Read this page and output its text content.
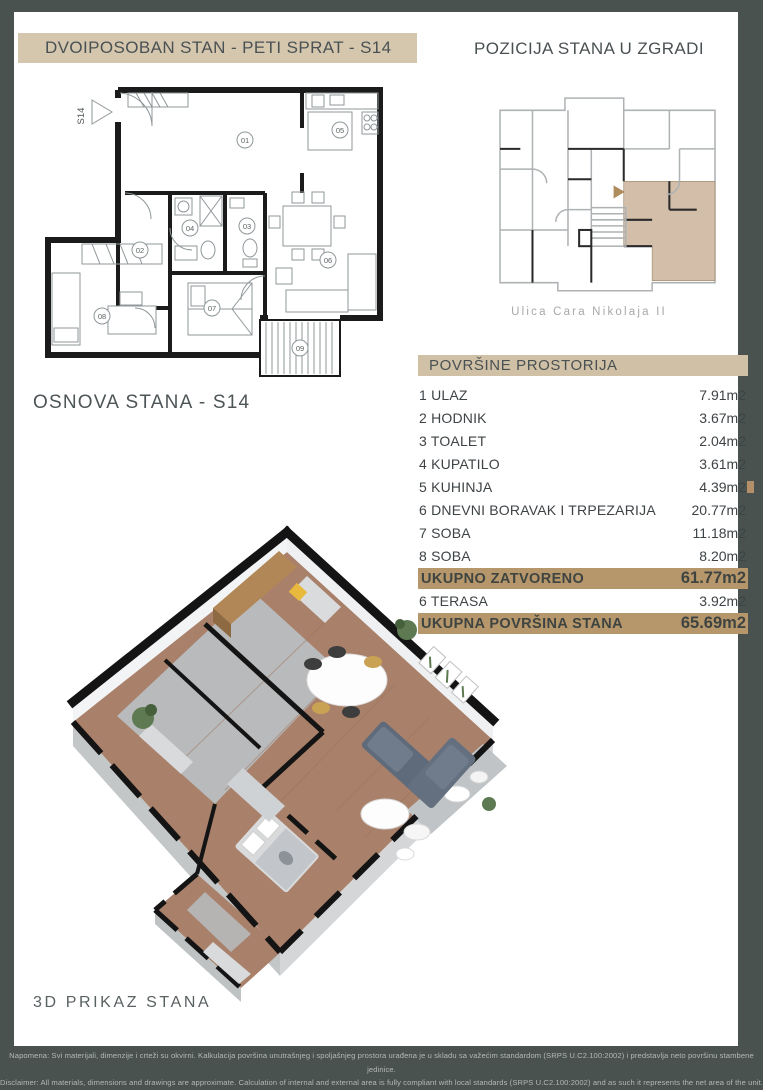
DVOIPOSOBAN STAN - PETI SPRAT - S14	POZICIJA STANA U ZGRADI
S14
01
02
03
04
05
06
07
08
09
OSNOVA STANA - S14
Ulica Cara Nikolaja II
POVRŠINE PROSTORIJA
1 ULAZ	7.91m2
2 HODNIK	3.67m2
3 TOALET	2.04m2
4 KUPATILO	3.61m2
5 KUHINJA	4.39m2
6 DNEVNI BORAVAK I TRPEZARIJA	20.77m2
7 SOBA	11.18m2
8 SOBA	8.20m2
UKUPNO ZATVORENO	61.77m2
6 TERASA	3.92m2
UKUPNA POVRŠINA STANA	65.69m2
3D PRIKAZ STANA
Napomena: Svi materijali, dimenzije i crteži su okvirni. Kalkulacija površina unutrašnjeg i spoljašnjeg prostora urađena je u skladu sa važećim standardom (SRPS U.C2.100:2002) i predstavlja neto površinu stambene jedinice.
Disclaimer: All materials, dimensions and drawings are approximate. Calculation of internal and external area is fully compliant with local standards (SRPS U.C2.100:2002) and as such it represents the net area of the unit.
